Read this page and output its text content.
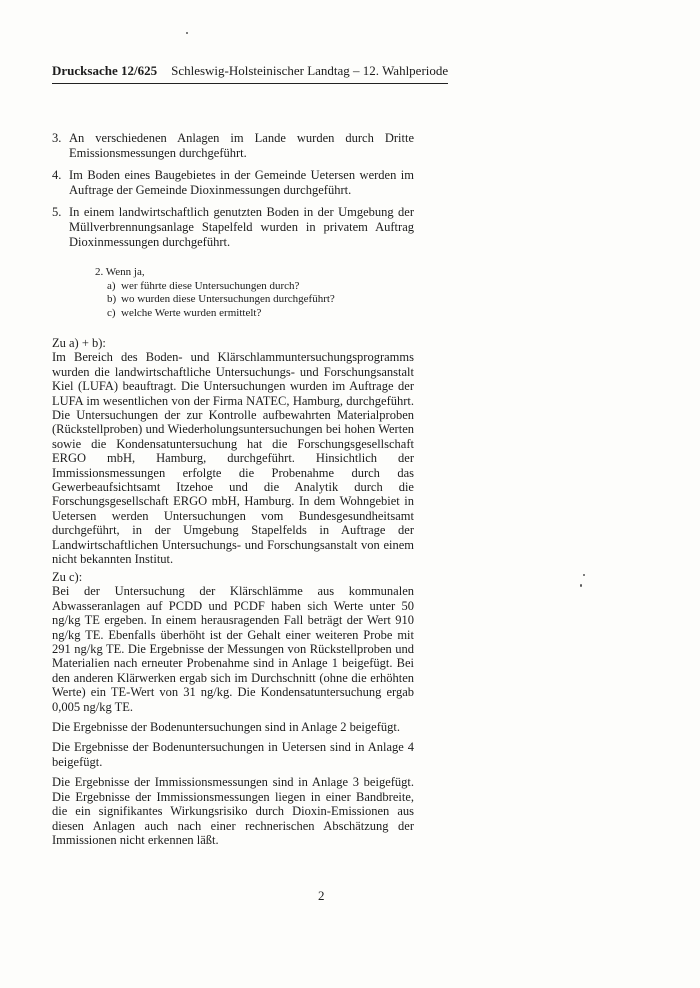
Drucksache 12/625 Schleswig-Holsteinischer Landtag – 12. Wahlperiode
3. An verschiedenen Anlagen im Lande wurden durch Dritte Emissionsmessungen durchgeführt.
4. Im Boden eines Baugebietes in der Gemeinde Uetersen werden im Auftrage der Gemeinde Dioxinmessungen durchgeführt.
5. In einem landwirtschaftlich genutzten Boden in der Umgebung der Müllverbrennungsanlage Stapelfeld wurden in privatem Auftrag Dioxinmessungen durchgeführt.
2. Wenn ja,
a) wer führte diese Untersuchungen durch?
b) wo wurden diese Untersuchungen durchgeführt?
c) welche Werte wurden ermittelt?

Zu a) + b):

Im Bereich des Boden- und Klärschlammuntersuchungsprogramms wurden die landwirtschaftliche Untersuchungs- und Forschungsanstalt Kiel (LUFA) beauftragt. Die Untersuchungen wurden im Auftrage der LUFA im wesentlichen von der Firma NATEC, Hamburg, durchgeführt. Die Untersuchungen der zur Kontrolle aufbewahrten Materialproben (Rückstellproben) und Wiederholungsuntersuchungen bei hohen Werten sowie die Kondensatuntersuchung hat die Forschungsgesellschaft ERGO mbH, Hamburg, durchgeführt. Hinsichtlich der Immissionsmessungen erfolgte die Probenahme durch das Gewerbeaufsichtsamt Itzehoe und die Analytik durch die Forschungsgesellschaft ERGO mbH, Hamburg. In dem Wohngebiet in Uetersen werden Untersuchungen vom Bundesgesundheitsamt durchgeführt, in der Umgebung Stapelfelds in Auftrage der Landwirtschaftlichen Untersuchungs- und Forschungsanstalt von einem nicht bekannten Institut.

Zu c):

Bei der Untersuchung der Klärschlämme aus kommunalen Abwasseranlagen auf PCDD und PCDF haben sich Werte unter 50 ng/kg TE ergeben. In einem herausragenden Fall beträgt der Wert 910 ng/kg TE. Ebenfalls überhöht ist der Gehalt einer weiteren Probe mit 291 ng/kg TE. Die Ergebnisse der Messungen von Rückstellproben und Materialien nach erneuter Probenahme sind in Anlage 1 beigefügt. Bei den anderen Klärwerken ergab sich im Durchschnitt (ohne die erhöhten Werte) ein TE-Wert von 31 ng/kg. Die Kondensatuntersuchung ergab 0,005 ng/kg TE.

Die Ergebnisse der Bodenuntersuchungen sind in Anlage 2 beigefügt.

Die Ergebnisse der Bodenuntersuchungen in Uetersen sind in Anlage 4 beigefügt.

Die Ergebnisse der Immissionsmessungen sind in Anlage 3 beigefügt. Die Ergebnisse der Immissionsmessungen liegen in einer Bandbreite, die ein signifikantes Wirkungsrisiko durch Dioxin-Emissionen aus diesen Anlagen auch nach einer rechnerischen Abschätzung der Immissionen nicht erkennen läßt.

2
